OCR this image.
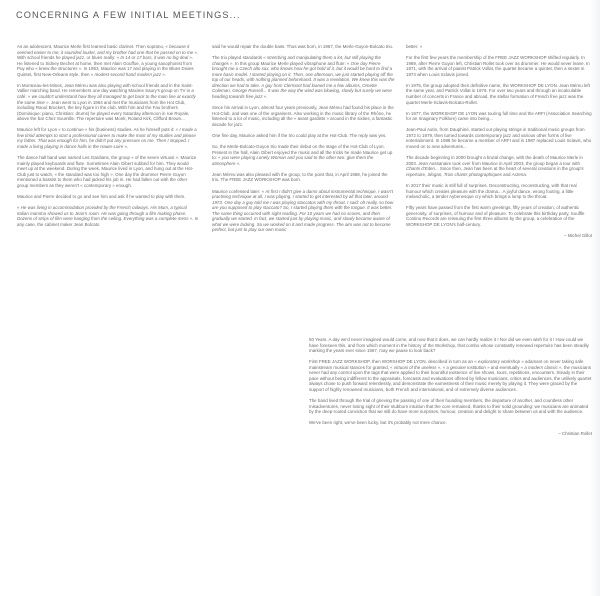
CONCERNING A FEW INITIAL MEETINGS...

As an adolescent, Maurice Merle first learned basic clarinet. Then soprano, « because it seemed easier to me, it sounded louder, and my brother had one that he passed on to me ». With school friends he played jazz, or blues really: « In 14 or 17 bars, it was no big deal ». He listened to Sidney Bechet at home, then met Alain Gouffoe, a young saxophonist from Puy who « knew the structures ». In 1963, Maurice was 17 and playing in the Blues Dixies Quintet, first New-Orleans style, then « modest second hand modern jazz ».

In Montceau-les-Mines, Jean Méreu was also playing with school friends and in the Saint-Vallier marching band. He remembers one day watching Maxime Saury's group on TV in a café: « we couldn't understand how they all managed to get back to the main line at exactly the same time ». Jean went to Lyon in 1964 and met the musicians from the Hot Club, including Raoul Bruckert, the key figure in the club. With him and the Fau brothers (Dominique: piano, Christian: drums) he played every Saturday afternoon in rue Royale, above the bar Chez Soumille. The repertoire was Monk, Roland Kirk, Clifford Brown...

Maurice left for Lyon « to continue » his (business) studies. As he himself puts it: « I made a few timid attempts to start a professional career to make the most of my studies and please my father. That was enough for him, he didn't put any pressure on me. Then I stopped. I made a living playing in dance halls in the Haute-Loire ».

The dance hall band was named Les Gardians, the group « of the seven virtuosi ». Maurice mainly played keyboards and flute. Sometimes Alain Gibert subbed for him. They would meet up at the weekend. During the week, Maurice lived in Lyon, and hung out at the Hot-Club just to watch, « the standard was too high ». One day the drummer Pierre Guyon mentioned a bassist to them who had jacked his job in. He had fallen out with the other group members as they weren't « contemporary » enough.

Maurice and Pierre decided to go and see him and ask if he wanted to play with them.

« He was living in accommodation provided by the French railways. His Mum, a typical Italian mamma showed us to Jean's room. He was going through a film making phase. Dozens of strips of film were hanging from the ceiling. Everything was a complete mess ». In any case, the cabinet maker Jean Bolcato

said he would repair the double bass. Thus was born, in 1967, the Merle-Guyon-Bolcato trio.

The trio played standards « stretching and manipulating them a lot, but still playing the changes ». In this group Maurice Merle played vibraphone and flute: « One day Pierre brought me a Czech alto sax, who knows how he got hold of it, but it would be hard to find a more basic model. I started playing on it. Then, one afternoon, we just started playing off the top of our heads, with nothing planned beforehand. It was a revelation. We knew this was the direction we had to take. A guy from Clermont had loaned me a few albums, Ornette Coleman, George Russell... It was the way the wind was blowing, slowly but surely we were heading towards free jazz ».

Since his arrival in Lyon, almost four years previously, Jean Méreu had found his place in the Hot-Club, and was one of the organisers. Also working in the music library of the Rhône, he listened to a lot of music, including all the « avant gardists » around in the sixties, a fantastic decade for jazz.

One fine day, Maurice asked him if the trio could play at the Hot-Club. The reply was yes.

So, the Merle-Bolcato-Guyon trio made their debut on the stage of the Hot-Club of Lyon. Present in the hall, Alain Gibert enjoyed the music and all the tricks he made Maurice get up to: « you were playing Lonely Woman and you said to the other two: give them the atmosphere ».

Jean Méreu was also pleased with the group, to the point that, in April 1968, he joined the trio. The FREE JAZZ WORKSHOP was born.

Maurice confessed later: « At first I didn't give a damn about instrumental technique, I wasn't practising technique at all, I was playing. I started to get interested by all that later, around 1973. One day a guy told me I was playing staccatos with my throat. I said: oh really, so how are you supposed to play staccato? So, I started playing them with the tongue. It was better. The same thing occurred with sight reading. For 10 years we had no scores, and then gradually we started. In fact, we started just by playing music, and slowly became aware of what we were lacking. So we worked on it and made progress. The aim was not to become perfect, but just to play our own music

better. »

For the first few years the membership of the FREE JAZZ WORKSHOP shifted regularly. In 1969, after Pierre Guyon left, Christian Rollet took over as drummer. He would never leave. In 1971, with the arrival of pianist Patrick Vollat, the quartet became a quintet, then a sextet in 1973 when Louis Sclavis joined.

In 1975, the group adopted their definitive name, the WORKSHOP DE LYON. Jean Méreu left the same year, and Patrick Vollat in 1976. For over two years and through an incalculable number of concerts in France and abroad, the stellar formation of French free jazz was the quartet Merle-Sclavis-Bolcato-Rollet.

In 1977, the WORKSHOP DE LYON was touring full time and the ARFI (Association Searching for an Imaginary Folklore) came into being...

Jean-Paul Autin, from Dauphiné, started out playing strings in traditional music groups from 1972 to 1979, then turned towards contemporary jazz and various other forms of live entertainment. In 1988 he became a member of ARFI and in 1987 replaced Louis Sclavis, who moved on to new adventures...

The decade beginning in 2000 brought a brutal change, with the death of Maurice Merle in 2003. Jean Aussanaire took over from Maurice in April 2003, the group began a tour with Chants d'Eden... Since then, Jean has been at the heart of several creations in the group's repertoire, Slogan, Trois chants photographiques and Arzena.

In 2017 their music is still full of surprises. Deconstructing, reconstructing, with that real humour which creates pleasure with the drama... A joyful dance, wrong footing, a little melancholic, a tender Aybenesque cry which brings a lump to the throat.

Fifty years have passed from the first warm greetings, fifty years of creation, of authentic generosity, of surprises, of humour and of pleasure. To celebrate this birthday party, Souffle Continu Records are reissuing the first three albums by the group, a celebration of the WORKSHOP DE LYON's half-century.

– Michel Gillot

50 Years. A day we'd never imagined would come, and now that it does, we can hardly realize it ! Nor did we even wish for it ! How could we have foreseen this, and from which moment in the history of the Workshop, that combo whose constantly renewed repertoire has been steadily marking the years ever since 1967, may we pause to look back?

First FREE JAZZ WORKSHOP, then WORSHOP DE LYON, described in turn as an « exploratory workshop » adamant on never taking safe mainstream musical stances for granted, « virtuosi of the useless », « a genuine institution » and eventually « a modern classic », the musicians never had any control upon the tags that were applied to their bountiful existence of live shows, tours, repetitions, encounters. Steady in their pace without being indifferent to the appraisals, forecasts and evaluations offered by fellow musicians, critics and audiences, the unlikely quartet always chose to push forward relentlessly, and demonstrate the earnestness of their music merely by playing it. They were graced by the support of highly renowned musicians, both French and international, and of extremely diverse audiences.

The band lived through the trial of grieving the passing of one of their founding members, the departure of another, and countless other misadventures, never losing sight of their stubborn intuition that the core remained, thanks to their solid grounding: we musicians are animated by the deep-rooted conviction that we still do have more surprises, humour, creation and delight to share between us and with the audience.

We've been right, we've been lucky, but it's probably not mere chance.

– Christian Rollet
